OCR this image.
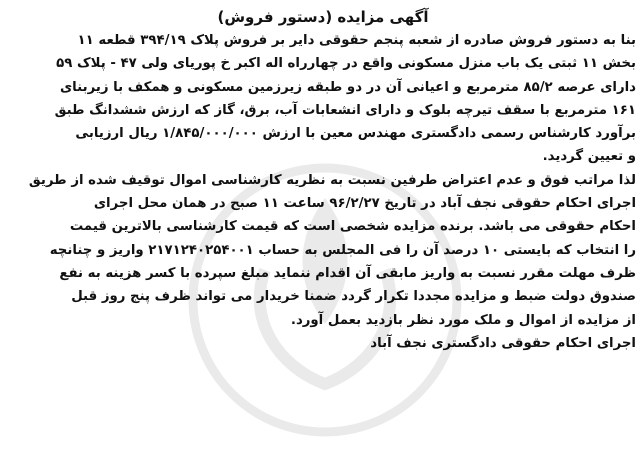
آگهی مزایده (دستور فروش)
بنا به دستور فروش صادره از شعبه پنجم حقوقی دایر بر فروش پلاک ۳۹۴/۱۹ قطعه ۱۱
بخش ۱۱ ثبتی یک باب منزل مسکونی واقع در چهارراه اله اکبر خ پوریای ولی ۴۷ - پلاک ۵۹
دارای عرصه ۸۵/۲ مترمربع و اعیانی آن در دو طبقه زیرزمین مسکونی و همکف با زیربنای
۱۶۱ مترمربع با سقف تیرچه بلوک و دارای انشعابات آب، برق، گاز که ارزش ششدانگ طبق
برآورد کارشناس رسمی دادگستری مهندس معین با ارزش ۱/۸۴۵/۰۰۰/۰۰۰ ریال ارزیابی
و تعیین گردید.
لذا مراتب فوق و عدم اعتراض طرفین نسبت به نظریه کارشناسی اموال توقیف شده از طریق
اجرای احکام حقوقی نجف آباد در تاریخ ۹۶/۲/۲۷ ساعت ۱۱ صبح در همان محل اجرای
احکام حقوقی می باشد. برنده مزایده شخصی است که قیمت کارشناسی بالاترین قیمت
را انتخاب که بایستی ۱۰ درصد آن را فی المجلس به حساب ۲۱۷۱۲۴۰۲۵۴۰۰۱ واریز و چنانچه
ظرف مهلت مقرر نسبت به واریز مابقی آن اقدام ننماید مبلغ سپرده با کسر هزینه به نفع
صندوق دولت ضبط و مزایده مجددا تکرار گردد ضمنا خریدار می تواند ظرف پنج روز قبل
از مزایده از اموال و ملک مورد نظر بازدید بعمل آورد.
اجرای احکام حقوقی دادگستری نجف آباد
